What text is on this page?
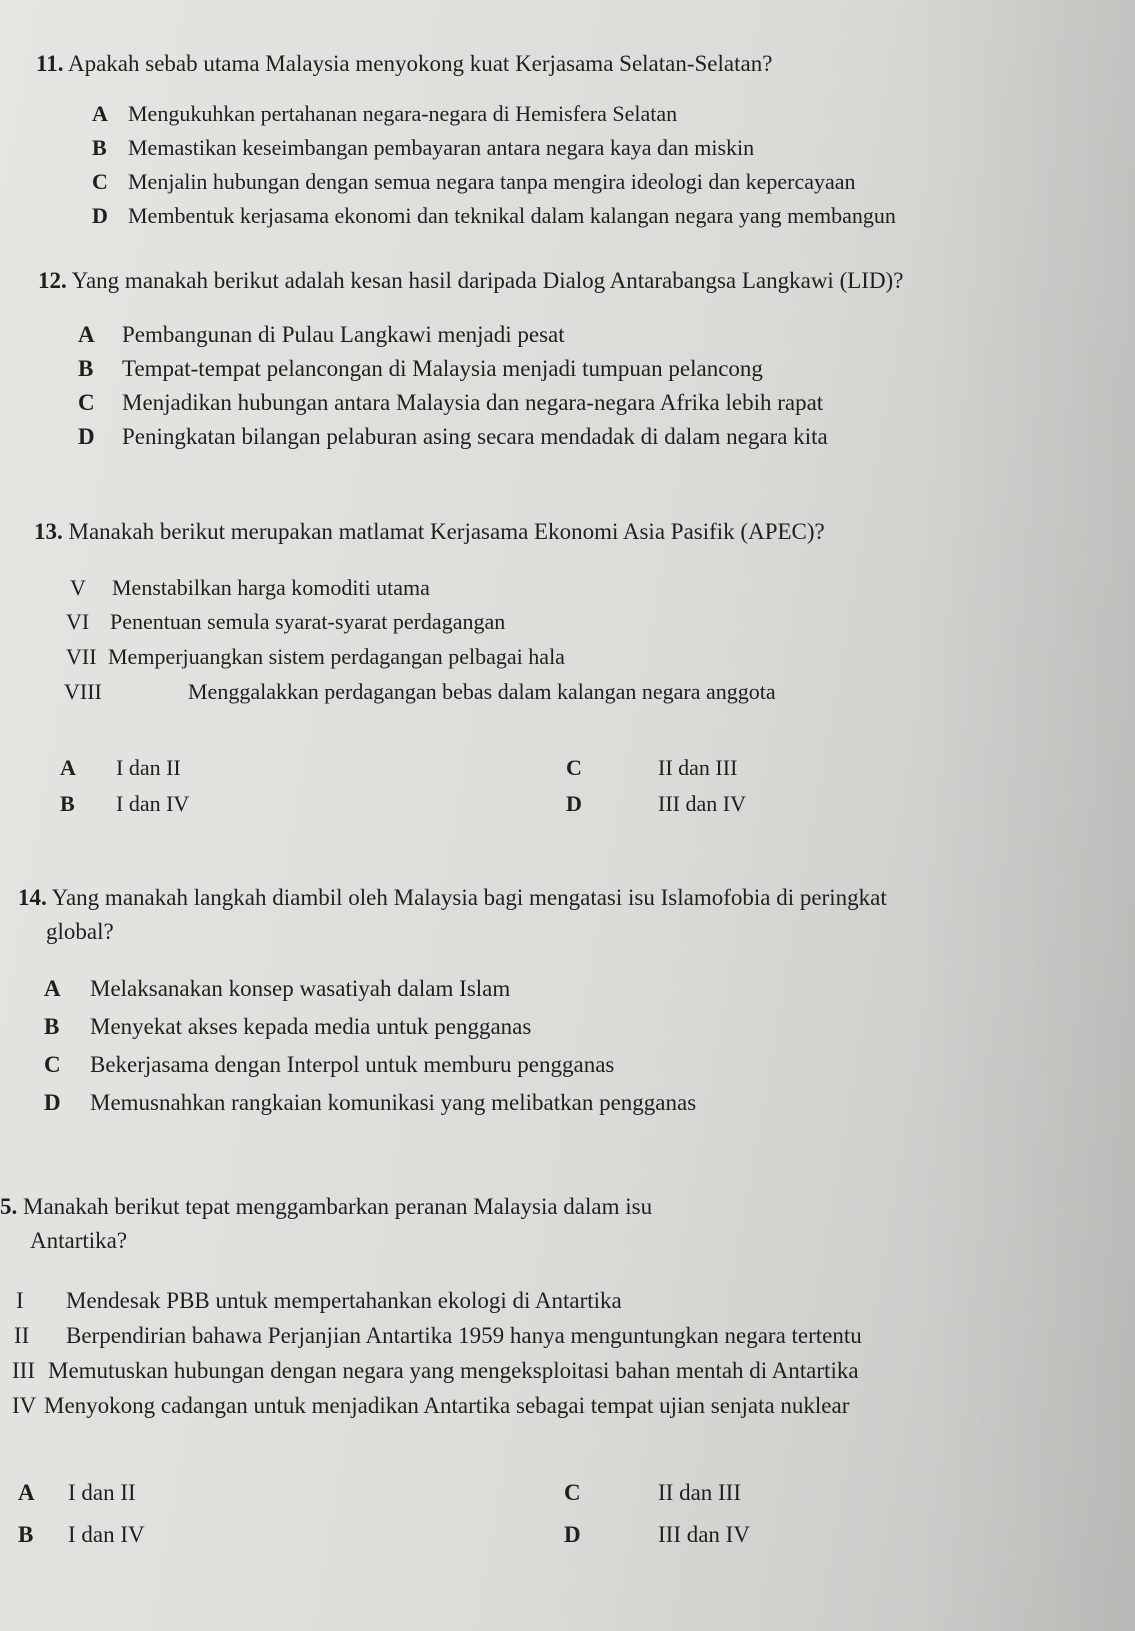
11. Apakah sebab utama Malaysia menyokong kuat Kerjasama Selatan-Selatan?
A Mengukuhkan pertahanan negara-negara di Hemisfera Selatan
B Memastikan keseimbangan pembayaran antara negara kaya dan miskin
C Menjalin hubungan dengan semua negara tanpa mengira ideologi dan kepercayaan
D Membentuk kerjasama ekonomi dan teknikal dalam kalangan negara yang membangun
12. Yang manakah berikut adalah kesan hasil daripada Dialog Antarabangsa Langkawi (LID)?
A Pembangunan di Pulau Langkawi menjadi pesat
B Tempat-tempat pelancongan di Malaysia menjadi tumpuan pelancong
C Menjadikan hubungan antara Malaysia dan negara-negara Afrika lebih rapat
D Peningkatan bilangan pelaburan asing secara mendadak di dalam negara kita
13. Manakah berikut merupakan matlamat Kerjasama Ekonomi Asia Pasifik (APEC)?
V Menstabilkan harga komoditi utama
VI Penentuan semula syarat-syarat perdagangan
VII Memperjuangkan sistem perdagangan pelbagai hala
VIII	Menggalakkan perdagangan bebas dalam kalangan negara anggota
A I dan II
B I dan IV
C	II dan III
D	III dan IV
14. Yang manakah langkah diambil oleh Malaysia bagi mengatasi isu Islamofobia di peringkat
global?
A Melaksanakan konsep wasatiyah dalam Islam
B Menyekat akses kepada media untuk pengganas
C Bekerjasama dengan Interpol untuk memburu pengganas
D Memusnahkan rangkaian komunikasi yang melibatkan pengganas
5. Manakah berikut tepat menggambarkan peranan Malaysia dalam isu
Antartika?
I Mendesak PBB untuk mempertahankan ekologi di Antartika
II Berpendirian bahawa Perjanjian Antartika 1959 hanya menguntungkan negara tertentu
III Memutuskan hubungan dengan negara yang mengeksploitasi bahan mentah di Antartika
IV Menyokong cadangan untuk menjadikan Antartika sebagai tempat ujian senjata nuklear
A I dan II
B I dan IV
C	II dan III
D	III dan IV
